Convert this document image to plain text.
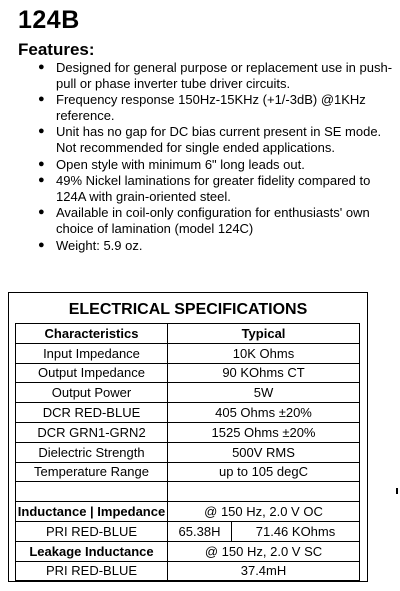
124B
Features:
● Designed for general purpose or replacement use in push-pull or phase inverter tube driver circuits.
● Frequency response 150Hz-15KHz (+1/-3dB) @1KHz reference.
● Unit has no gap for DC bias current present in SE mode. Not recommended for single ended applications.
● Open style with minimum 6" long leads out.
● 49% Nickel laminations for greater fidelity compared to 124A with grain-oriented steel.
● Available in coil-only configuration for enthusiasts' own choice of lamination (model 124C)
● Weight: 5.9 oz.
ELECTRICAL SPECIFICATIONS
Characteristics	Typical	
Input Impedance	10K Ohms	
Output Impedance	90 KOhms CT	
Output Power	5W	
DCR RED-BLUE	405 Ohms ±20%	
DCR GRN1-GRN2	1525 Ohms ±20%	
Dielectric Strength	500V RMS	
Temperature Range	up to 105 degC	

Inductance | Impedance	@ 150 Hz, 2.0 V OC	
PRI RED-BLUE	65.38H	71.46 KOhms
Leakage Inductance	@ 150 Hz, 2.0 V SC	
PRI RED-BLUE	37.4mH	
